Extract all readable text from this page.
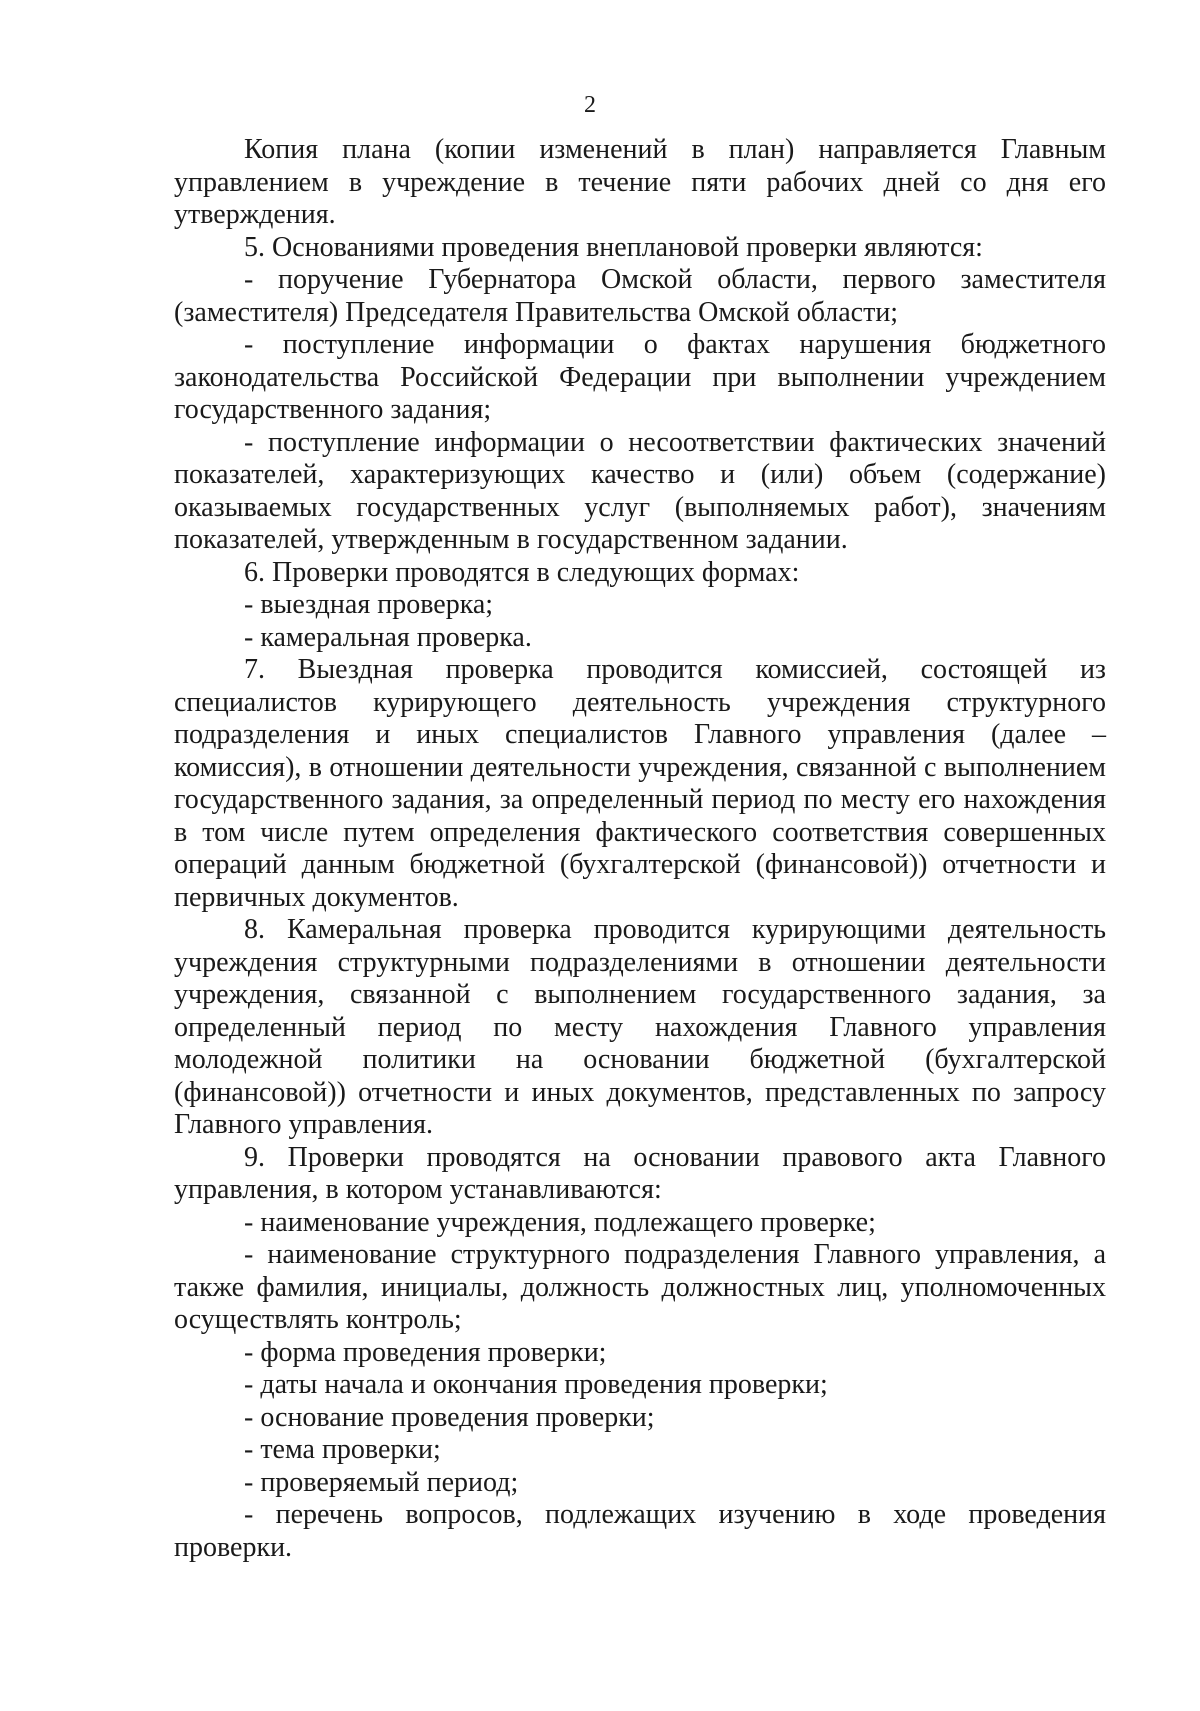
2

Копия плана (копии изменений в план) направляется Главным управлением в учреждение в течение пяти рабочих дней со дня его утверждения.

5. Основаниями проведения внеплановой проверки являются:

- поручение Губернатора Омской области, первого заместителя (заместителя) Председателя Правительства Омской области;

- поступление информации о фактах нарушения бюджетного законодательства Российской Федерации при выполнении учреждением государственного задания;

- поступление информации о несоответствии фактических значений показателей, характеризующих качество и (или) объем (содержание) оказываемых государственных услуг (выполняемых работ), значениям показателей, утвержденным в государственном задании.

6. Проверки проводятся в следующих формах:

- выездная проверка;

- камеральная проверка.

7. Выездная проверка проводится комиссией, состоящей из специалистов курирующего деятельность учреждения структурного подразделения и иных специалистов Главного управления (далее – комиссия), в отношении деятельности учреждения, связанной с выполнением государственного задания, за определенный период по месту его нахождения в том числе путем определения фактического соответствия совершенных операций данным бюджетной (бухгалтерской (финансовой)) отчетности и первичных документов.

8. Камеральная проверка проводится курирующими деятельность учреждения структурными подразделениями в отношении деятельности учреждения, связанной с выполнением государственного задания, за определенный период по месту нахождения Главного управления молодежной политики на основании бюджетной (бухгалтерской (финансовой)) отчетности и иных документов, представленных по запросу Главного управления.

9. Проверки проводятся на основании правового акта Главного управления, в котором устанавливаются:

- наименование учреждения, подлежащего проверке;

- наименование структурного подразделения Главного управления, а также фамилия, инициалы, должность должностных лиц, уполномоченных осуществлять контроль;

- форма проведения проверки;

- даты начала и окончания проведения проверки;

- основание проведения проверки;

- тема проверки;

- проверяемый период;

- перечень вопросов, подлежащих изучению в ходе проведения проверки.
